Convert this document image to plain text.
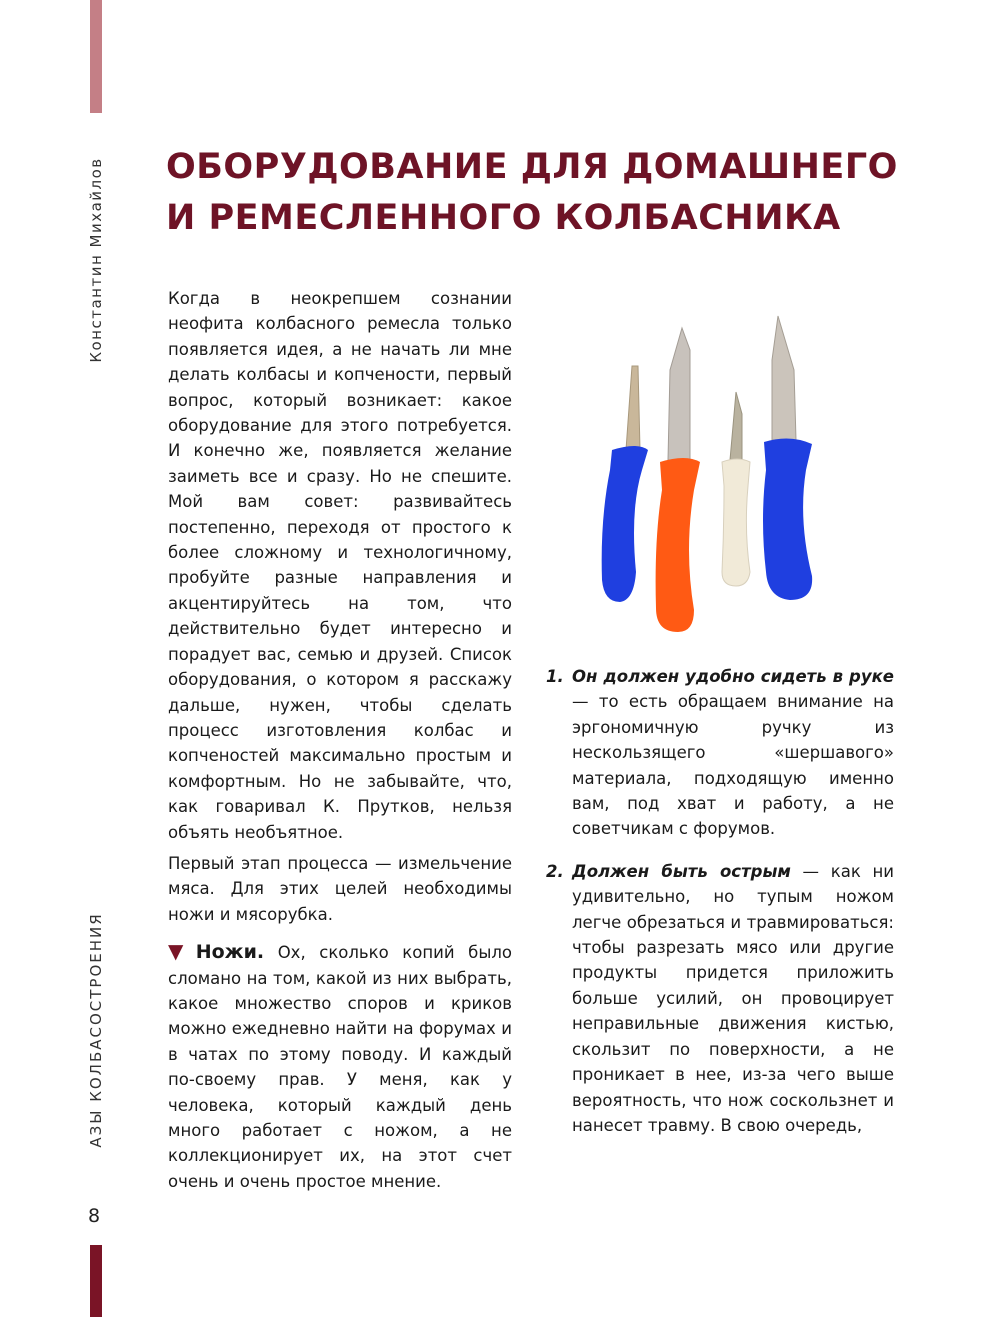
Константин Михайлов
АЗЫ КОЛБАСОСТРОЕНИЯ
8
ОБОРУДОВАНИЕ ДЛЯ ДОМАШНЕГО
И РЕМЕСЛЕННОГО КОЛБАСНИКА

Когда в неокрепшем сознании неофита колбасного ремесла только появляется идея, а не начать ли мне делать колбасы и копчености, первый вопрос, который возникает: какое оборудование для этого потребуется. И конечно же, появляется желание заиметь все и сразу. Но не спешите. Мой вам совет: развивайтесь постепенно, переходя от простого к более сложному и технологичному, пробуйте разные направления и акцентируйтесь на том, что действительно будет интересно и порадует вас, семью и друзей. Список оборудования, о котором я расскажу дальше, нужен, чтобы сделать процесс изготовления колбас и копченостей максимально простым и комфортным. Но не забывайте, что, как говаривал К. Прутков, нельзя объять необъятное.

Первый этап процесса — измельчение мяса. Для этих целей необходимы ножи и мясорубка.

▼ Ножи. Ох, сколько копий было сломано на том, какой из них выбрать, какое множество споров и криков можно ежедневно найти на форумах и в чатах по этому поводу. И каждый по-своему прав. У меня, как у человека, который каждый день много работает с ножом, а не коллекционирует их, на этот счет очень и очень простое мнение.

1. Он должен удобно сидеть в руке — то есть обращаем внимание на эргономичную ручку из нескользящего «шершавого» материала, подходящую именно вам, под хват и работу, а не советчикам с форумов.
2. Должен быть острым — как ни удивительно, но тупым ножом легче обрезаться и травмироваться: чтобы разрезать мясо или другие продукты придется приложить больше усилий, он провоцирует неправильные движения кистью, скользит по поверхности, а не проникает в нее, из-за чего выше вероятность, что нож соскользнет и нанесет травму. В свою очередь,
